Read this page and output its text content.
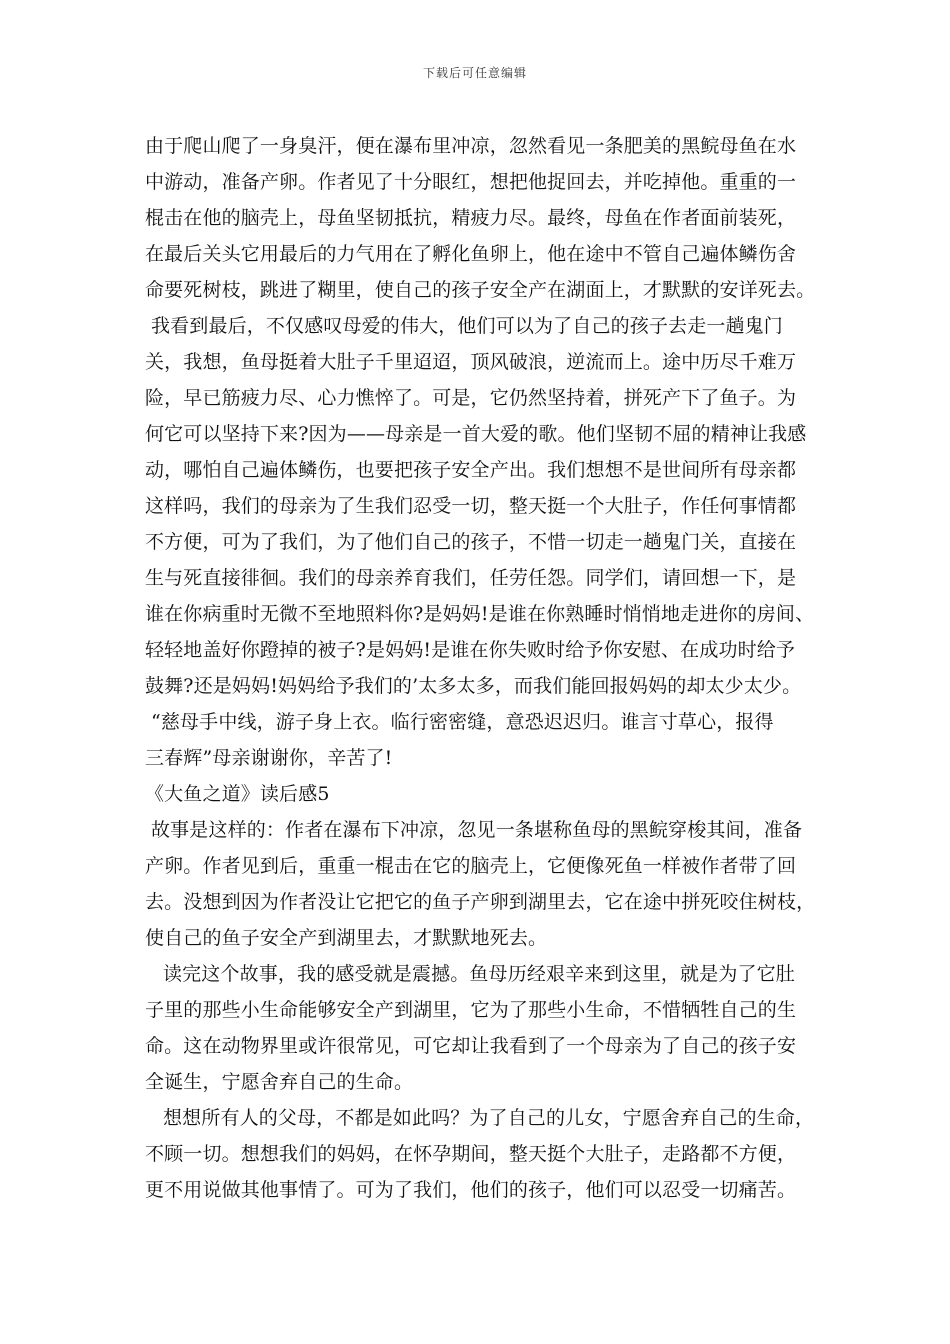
下载后可任意编辑
由于爬山爬了一身臭汗，便在瀑布里冲凉，忽然看见一条肥美的黑鲩母鱼在水
中游动，准备产卵。作者见了十分眼红，想把他捉回去，并吃掉他。重重的一
棍击在他的脑壳上，母鱼坚韧抵抗，精疲力尽。最终，母鱼在作者面前装死，
在最后关头它用最后的力气用在了孵化鱼卵上，他在途中不管自己遍体鳞伤舍
命要死树枝，跳进了糊里，使自己的孩子安全产在湖面上，才默默的安详死去。
我看到最后，不仅感叹母爱的伟大，他们可以为了自己的孩子去走一趟鬼门
关，我想，鱼母挺着大肚子千里迢迢，顶风破浪，逆流而上。途中历尽千难万
险，早已筋疲力尽、心力憔悴了。可是，它仍然坚持着，拼死产下了鱼子。为
何它可以坚持下来?因为——母亲是一首大爱的歌。他们坚韧不屈的精神让我感
动，哪怕自己遍体鳞伤，也要把孩子安全产出。我们想想不是世间所有母亲都
这样吗，我们的母亲为了生我们忍受一切，整天挺一个大肚子，作任何事情都
不方便，可为了我们，为了他们自己的孩子，不惜一切走一趟鬼门关，直接在
生与死直接徘徊。我们的母亲养育我们，任劳任怨。同学们，请回想一下，是
谁在你病重时无微不至地照料你?是妈妈!是谁在你熟睡时悄悄地走进你的房间、
轻轻地盖好你蹬掉的被子?是妈妈!是谁在你失败时给予你安慰、在成功时给予
鼓舞?还是妈妈!妈妈给予我们的’太多太多，而我们能回报妈妈的却太少太少。
“慈母手中线，游子身上衣。临行密密缝，意恐迟迟归。谁言寸草心，报得
三春辉”母亲谢谢你，辛苦了!
《大鱼之道》读后感5
故事是这样的：作者在瀑布下冲凉，忽见一条堪称鱼母的黑鲩穿梭其间，准备
产卵。作者见到后，重重一棍击在它的脑壳上，它便像死鱼一样被作者带了回
去。没想到因为作者没让它把它的鱼子产卵到湖里去，它在途中拼死咬住树枝，
使自己的鱼子安全产到湖里去，才默默地死去。
读完这个故事，我的感受就是震撼。鱼母历经艰辛来到这里，就是为了它肚
子里的那些小生命能够安全产到湖里，它为了那些小生命，不惜牺牲自己的生
命。这在动物界里或许很常见，可它却让我看到了一个母亲为了自己的孩子安
全诞生，宁愿舍弃自己的生命。
想想所有人的父母，不都是如此吗？为了自己的儿女，宁愿舍弃自己的生命，
不顾一切。想想我们的妈妈，在怀孕期间，整天挺个大肚子，走路都不方便，
更不用说做其他事情了。可为了我们，他们的孩子，他们可以忍受一切痛苦。
